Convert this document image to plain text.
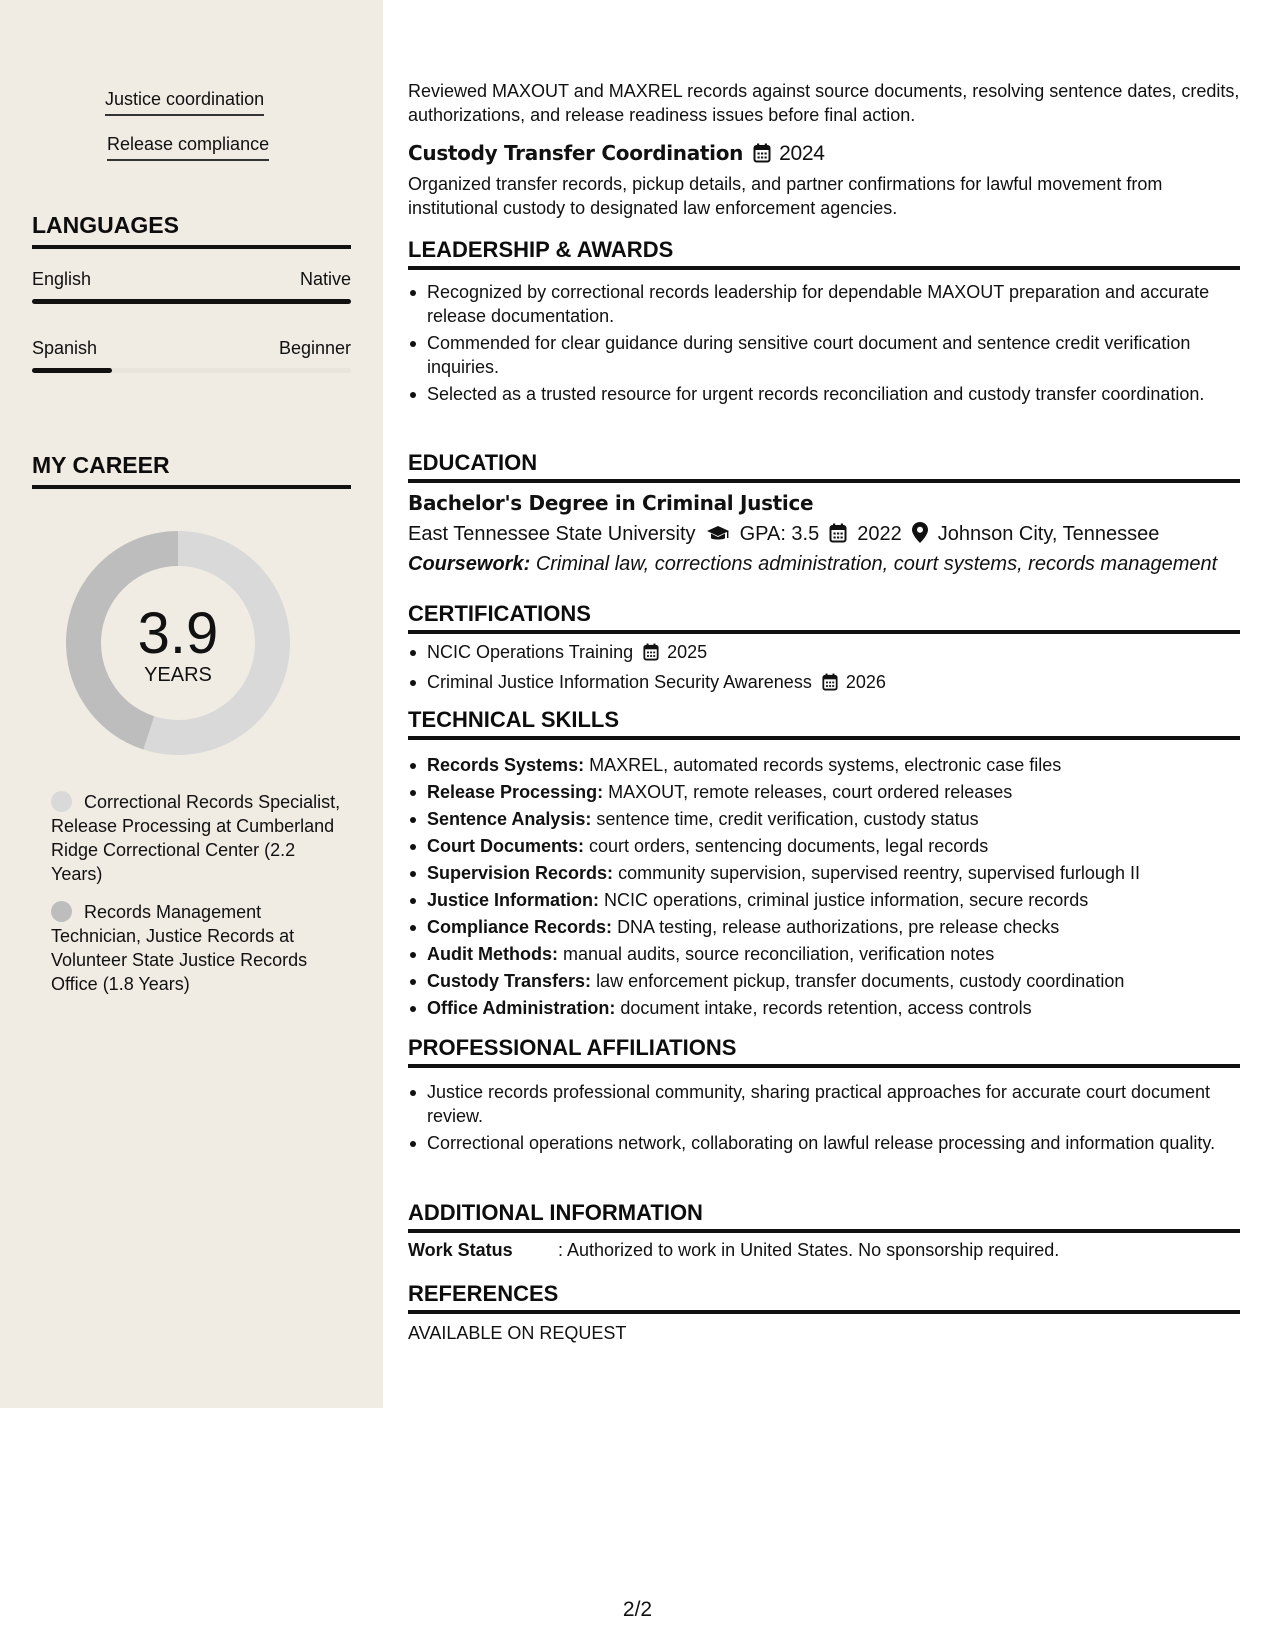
Justice coordination
Release compliance
LANGUAGES
English	Native
Spanish	Beginner
MY CAREER
3.9
YEARS
Correctional Records Specialist, Release Processing at Cumberland Ridge Correctional Center (2.2 Years)
Records Management Technician, Justice Records at Volunteer State Justice Records Office (1.8 Years)
Reviewed MAXOUT and MAXREL records against source documents, resolving sentence dates, credits, authorizations, and release readiness issues before final action.
Custody Transfer Coordination 2024
Organized transfer records, pickup details, and partner confirmations for lawful movement from institutional custody to designated law enforcement agencies.
LEADERSHIP & AWARDS
Recognized by correctional records leadership for dependable MAXOUT preparation and accurate release documentation.
Commended for clear guidance during sensitive court document and sentence credit verification inquiries.
Selected as a trusted resource for urgent records reconciliation and custody transfer coordination.
EDUCATION
Bachelor's Degree in Criminal Justice
East Tennessee State University GPA: 3.5 2022 Johnson City, Tennessee
Coursework: Criminal law, corrections administration, court systems, records management
CERTIFICATIONS
NCIC Operations Training 2025
Criminal Justice Information Security Awareness 2026
TECHNICAL SKILLS
Records Systems: MAXREL, automated records systems, electronic case files
Release Processing: MAXOUT, remote releases, court ordered releases
Sentence Analysis: sentence time, credit verification, custody status
Court Documents: court orders, sentencing documents, legal records
Supervision Records: community supervision, supervised reentry, supervised furlough II
Justice Information: NCIC operations, criminal justice information, secure records
Compliance Records: DNA testing, release authorizations, pre release checks
Audit Methods: manual audits, source reconciliation, verification notes
Custody Transfers: law enforcement pickup, transfer documents, custody coordination
Office Administration: document intake, records retention, access controls
PROFESSIONAL AFFILIATIONS
Justice records professional community, sharing practical approaches for accurate court document review.
Correctional operations network, collaborating on lawful release processing and information quality.
ADDITIONAL INFORMATION
Work Status	: Authorized to work in United States. No sponsorship required.
REFERENCES
AVAILABLE ON REQUEST
2/2
